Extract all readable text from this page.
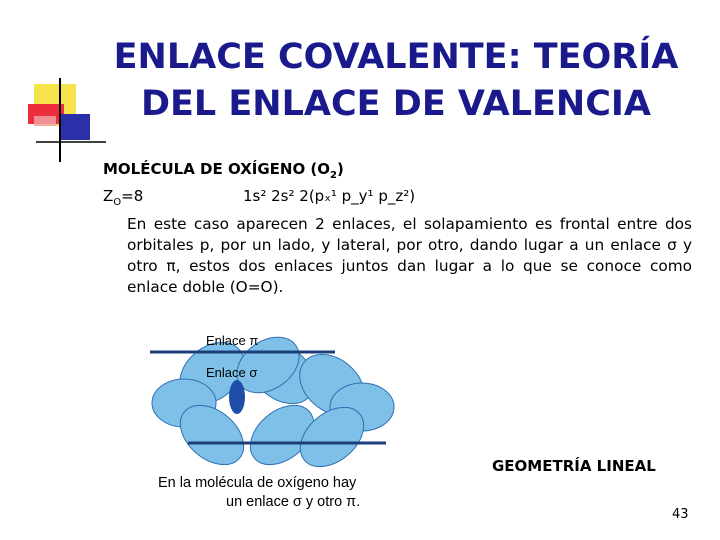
ENLACE COVALENTE: TEORÍA
DEL ENLACE DE VALENCIA
MOLÉCULA DE OXÍGENO $(O_2)$
$Z_O=8$	1s² 2s² 2(pₓ¹ p_y¹ p_z²)
En este caso aparecen 2 enlaces, el solapamiento es frontal entre dos orbitales p, por un lado, y lateral, por otro, dando lugar a un enlace σ y otro π, estos dos enlaces juntos dan lugar a lo que se conoce como enlace doble (O=O).
Enlace π
Enlace σ
En la molécula de oxígeno hay
un enlace σ y otro π.
GEOMETRÍA LINEAL
43
